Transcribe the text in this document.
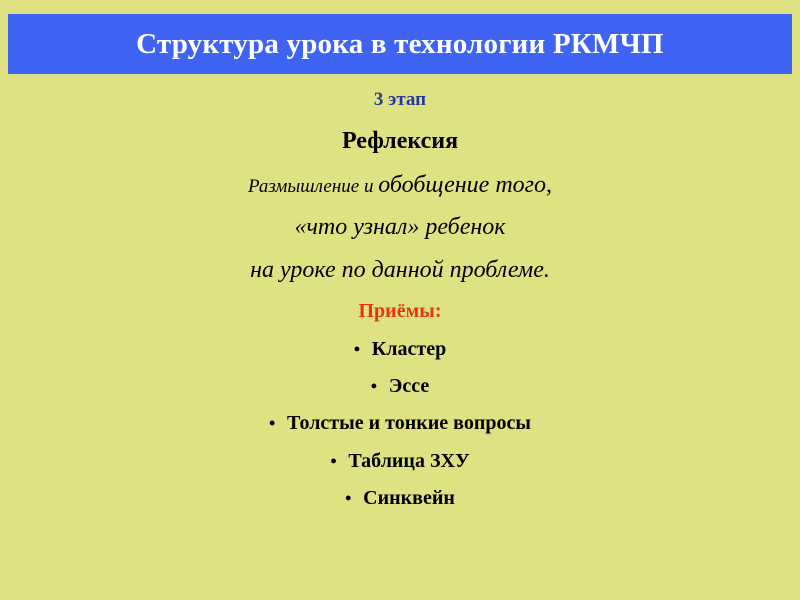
Структура урока в технологии РКМЧП
3 этап
Рефлексия
Размышление и обобщение того,
«что узнал» ребенок
на уроке по данной проблеме.
Приёмы:
• Кластер
• Эссе
• Толстые и тонкие вопросы
• Таблица ЗХУ
• Синквейн
